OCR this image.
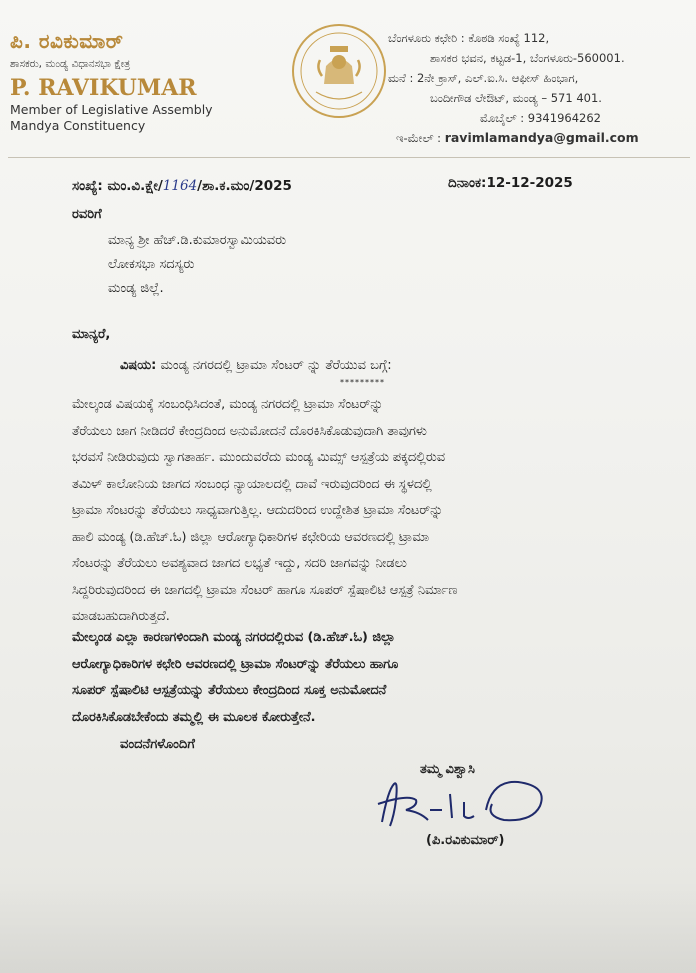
ಪಿ. ರವಿಕುಮಾರ್
ಶಾಸಕರು, ಮಂಡ್ಯ ವಿಧಾನಸಭಾ ಕ್ಷೇತ್ರ
P. RAVIKUMAR
Member of Legislative Assembly
Mandya Constituency
ಬೆಂಗಳೂರು ಕಛೇರಿ : ಕೊಠಡಿ ಸಂಖ್ಯೆ 112,
ಶಾಸಕರ ಭವನ, ಕಟ್ಟಡ-1, ಬೆಂಗಳೂರು-560001.
ಮನೆ : 2ನೇ ಕ್ರಾಸ್, ಎಲ್.ಐ.ಸಿ. ಆಫೀಸ್ ಹಿಂಭಾಗ,
ಬಂದೀಗೌಡ ಲೇಔಟ್, ಮಂಡ್ಯ – 571 401.
ಮೊಬೈಲ್ : 9341964262
ಇ-ಮೇಲ್ : ravimlamandya@gmail.com
ಸಂಖ್ಯೆ: ಮಂ.ವಿ.ಕ್ಷೇ/1164/ಶಾ.ಕ.ಮಂ/2025	ದಿನಾಂಕ:12-12-2025
ರವರಿಗೆ
ಮಾನ್ಯ ಶ್ರೀ ಹೆಚ್.ಡಿ.ಕುಮಾರಸ್ವಾಮಿಯವರು
ಲೋಕಸಭಾ ಸದಸ್ಯರು
ಮಂಡ್ಯ ಜಿಲ್ಲೆ.
ಮಾನ್ಯರೆ,
ವಿಷಯ: ಮಂಡ್ಯ ನಗರದಲ್ಲಿ ಟ್ರಾಮಾ ಸೆಂಟರ್ ನ್ನು ತೆರೆಯುವ ಬಗ್ಗೆ:
*********
ಮೇಲ್ಕಂಡ ವಿಷಯಕ್ಕೆ ಸಂಬಂಧಿಸಿದಂತೆ, ಮಂಡ್ಯ ನಗರದಲ್ಲಿ ಟ್ರಾಮಾ ಸೆಂಟರ್‌ನ್ನು
ತೆರೆಯಲು ಜಾಗ ನೀಡಿದರೆ ಕೇಂದ್ರದಿಂದ ಅನುಮೋದನೆ ದೊರಕಿಸಿಕೊಡುವುದಾಗಿ ತಾವುಗಳು
ಭರವಸೆ ನೀಡಿರುವುದು ಸ್ವಾಗತಾರ್ಹ. ಮುಂದುವರೆದು ಮಂಡ್ಯ ಮಿಮ್ಸ್ ಆಸ್ಪತ್ರೆಯ ಪಕ್ಕದಲ್ಲಿರುವ
ತಮಿಳ್ ಕಾಲೋನಿಯ ಜಾಗದ ಸಂಬಂಧ ನ್ಯಾಯಾಲದಲ್ಲಿ ದಾವೆ ಇರುವುದರಿಂದ ಈ ಸ್ಥಳದಲ್ಲಿ
ಟ್ರಾಮಾ ಸೆಂಟರನ್ನು ತೆರೆಯಲು ಸಾಧ್ಯವಾಗುತ್ತಿಲ್ಲ. ಆದುದರಿಂದ ಉದ್ದೇಶಿತ ಟ್ರಾಮಾ ಸೆಂಟರ್‌ನ್ನು
ಹಾಲಿ ಮಂಡ್ಯ (ಡಿ.ಹೆಚ್.ಓ) ಜಿಲ್ಲಾ ಆರೋಗ್ಯಾಧಿಕಾರಿಗಳ ಕಛೇರಿಯ ಆವರಣದಲ್ಲಿ ಟ್ರಾಮಾ
ಸೆಂಟರನ್ನು ತೆರೆಯಲು ಅವಶ್ಯವಾದ ಜಾಗದ ಲಭ್ಯತೆ ಇದ್ದು, ಸದರಿ ಜಾಗವನ್ನು ನೀಡಲು
ಸಿದ್ದರಿರುವುದರಿಂದ ಈ ಜಾಗದಲ್ಲಿ ಟ್ರಾಮಾ ಸೆಂಟರ್ ಹಾಗೂ ಸೂಪರ್ ಸ್ಪೆಷಾಲಿಟಿ ಆಸ್ಪತ್ರೆ ನಿರ್ಮಾಣ
ಮಾಡಬಹುದಾಗಿರುತ್ತದೆ.
ಮೇಲ್ಕಂಡ ಎಲ್ಲಾ ಕಾರಣಗಳಿಂದಾಗಿ ಮಂಡ್ಯ ನಗರದಲ್ಲಿರುವ (ಡಿ.ಹೆಚ್.ಓ) ಜಿಲ್ಲಾ
ಆರೋಗ್ಯಾಧಿಕಾರಿಗಳ ಕಛೇರಿ ಆವರಣದಲ್ಲಿ ಟ್ರಾಮಾ ಸೆಂಟರ್‌ನ್ನು ತೆರೆಯಲು ಹಾಗೂ
ಸೂಪರ್ ಸ್ಪೆಷಾಲಿಟಿ ಆಸ್ಪತ್ರೆಯನ್ನು ತೆರೆಯಲು ಕೇಂದ್ರದಿಂದ ಸೂಕ್ತ ಅನುಮೋದನೆ
ದೊರಕಿಸಿಕೊಡಬೇಕೆಂದು ತಮ್ಮಲ್ಲಿ ಈ ಮೂಲಕ ಕೋರುತ್ತೇನೆ.
ವಂದನೆಗಳೊಂದಿಗೆ
ತಮ್ಮ ವಿಶ್ವಾಸಿ
(ಪಿ.ರವಿಕುಮಾರ್)
